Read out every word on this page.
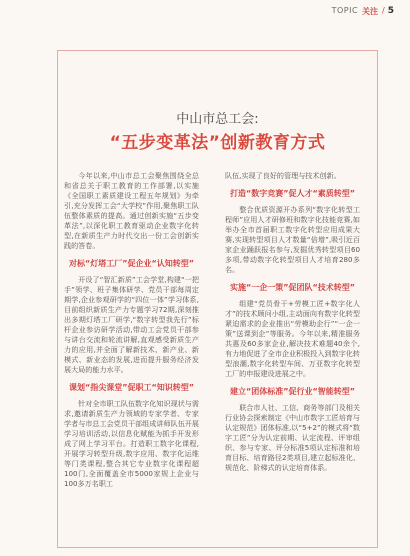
TOPIC 关注 / 5
中山市总工会:
“五步变革法”创新教育方式

今年以来,中山市总工会聚焦围绕全总和省总关于职工教育的工作部署,以实施《全国职工素质建设工程五年规划》为牵引,充分发挥工会“大学校”作用,聚焦职工队伍整体素质的提高。通过创新实施“五步变革法”,以深化职工教育驱动企业数字化转型,在新质生产力时代交出一份工会创新实践的答卷。

对标“灯塔工厂”促企业“认知转型”

开设了“智汇新质”工会学堂,构建“一把手”领学、班子集体研学、党员干部每周定期学,企业参观研学的“四位一体”学习体系,目前组织新质生产力专题学习72期,深刻推出多期灯塔工厂研学,“数字转型我先行”标杆企业参访研学活动,带动工会党员干部参与讲台交流和轮流讲解,直观感受新质生产力的应用,并全面了解新技术、新产业、新模式、新业态的发展,进而提升服务经济发展大局的能力水平。

课划“指尖课堂”促职工“知识转型”

针对全市职工队伍数字化知识现状与需求,邀请新质生产力领域的专家学者、专家学者与市总工会党员干部组成讲师队伍开展学习培训活动,以信息化赋能为抓手开发形成了网上学习平台。打造职工数字化课程,开展学习转型升级,数字应用、数字化运维等门类课程,整合其它专业数字化课程超100门,全面覆盖全市5000家规上企业与100多万名职工

队伍,实现了良好的管理与技术创新。

打造“数字竞赛”促人才“素质转型”

整合优质资源开办系列“数字化转型工程师”应用人才研修班和数字化技能竞赛,如举办全市首届职工数字化转型应用成果大赛,实现转型项目人才数量“倍增”,吸引近百家企业踊跃报名参与,发掘优秀转型项目60多项,带动数字化转型项目人才培育280多名。

实施“一企一策”促团队“技术转型”

组建“党员骨干+劳模工匠+数字化人才”的技术顾问小组,主动面向有数字化转型紧迫需求的企业推出“劳模助企行”“一企一策”送课到企”等服务。今年以来,精准服务共惠及60多家企业,解决技术难题40余个,有力地促进了全市企业积极投入到数字化转型浪潮,数字化转型车间、万亚数字化转型工厂的申报建设进展之中。

建立“团体标准”促行业“智能转型”

联合市人社、工信、商务等部门及相关行业协会探索制定《中山市数字工匠培育与认定规范》团体标准,以“5+2”的模式将“数字工匠”分为认定前期、认定流程、评审组织、参与专家、评分标准5项认定标准和培育目标、培育路径2类项目,建立起标准化、规范化、阶梯式的认定培育体系。
